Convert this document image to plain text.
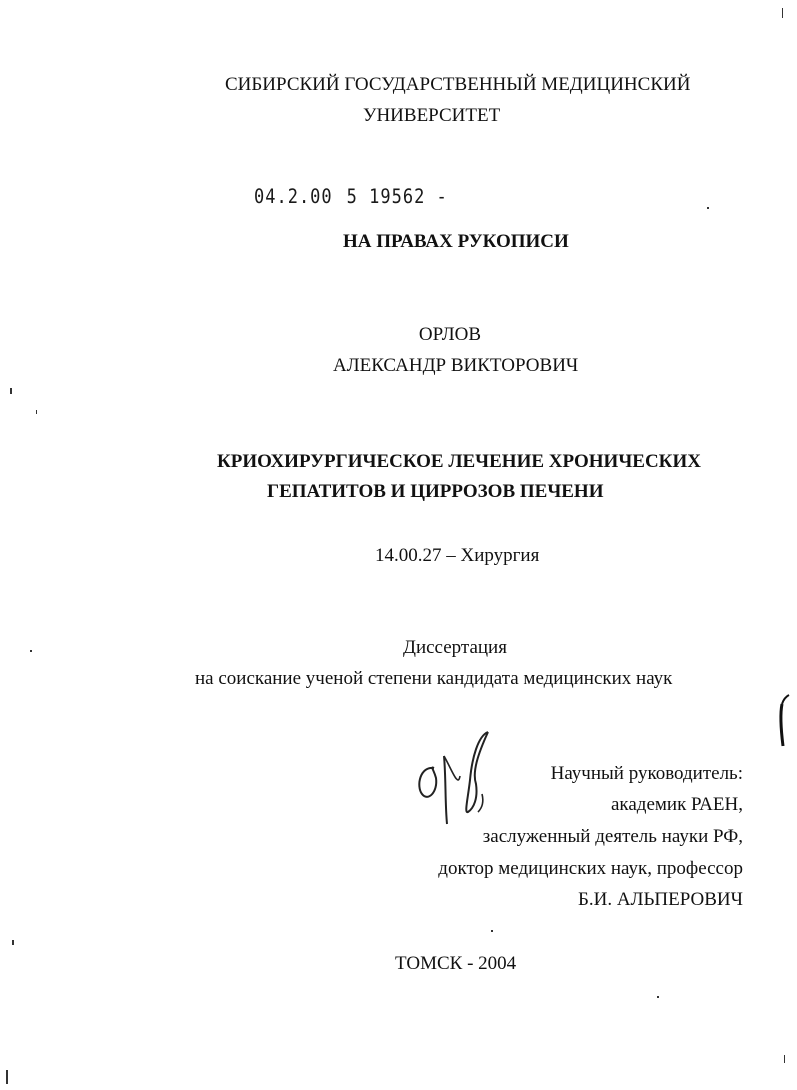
СИБИРСКИЙ ГОСУДАРСТВЕННЫЙ МЕДИЦИНСКИЙ
УНИВЕРСИТЕТ
04.2.00 5 19562 -
НА ПРАВАХ РУКОПИСИ
ОРЛОВ
АЛЕКСАНДР ВИКТОРОВИЧ
КРИОХИРУРГИЧЕСКОЕ ЛЕЧЕНИЕ ХРОНИЧЕСКИХ
ГЕПАТИТОВ И ЦИРРОЗОВ ПЕЧЕНИ
14.00.27 – Хирургия
Диссертация
на соискание ученой степени кандидата медицинских наук
Научный руководитель:
академик РАЕН,
заслуженный деятель науки РФ,
доктор медицинских наук, профессор
Б.И. АЛЬПЕРОВИЧ
ТОМСК - 2004
